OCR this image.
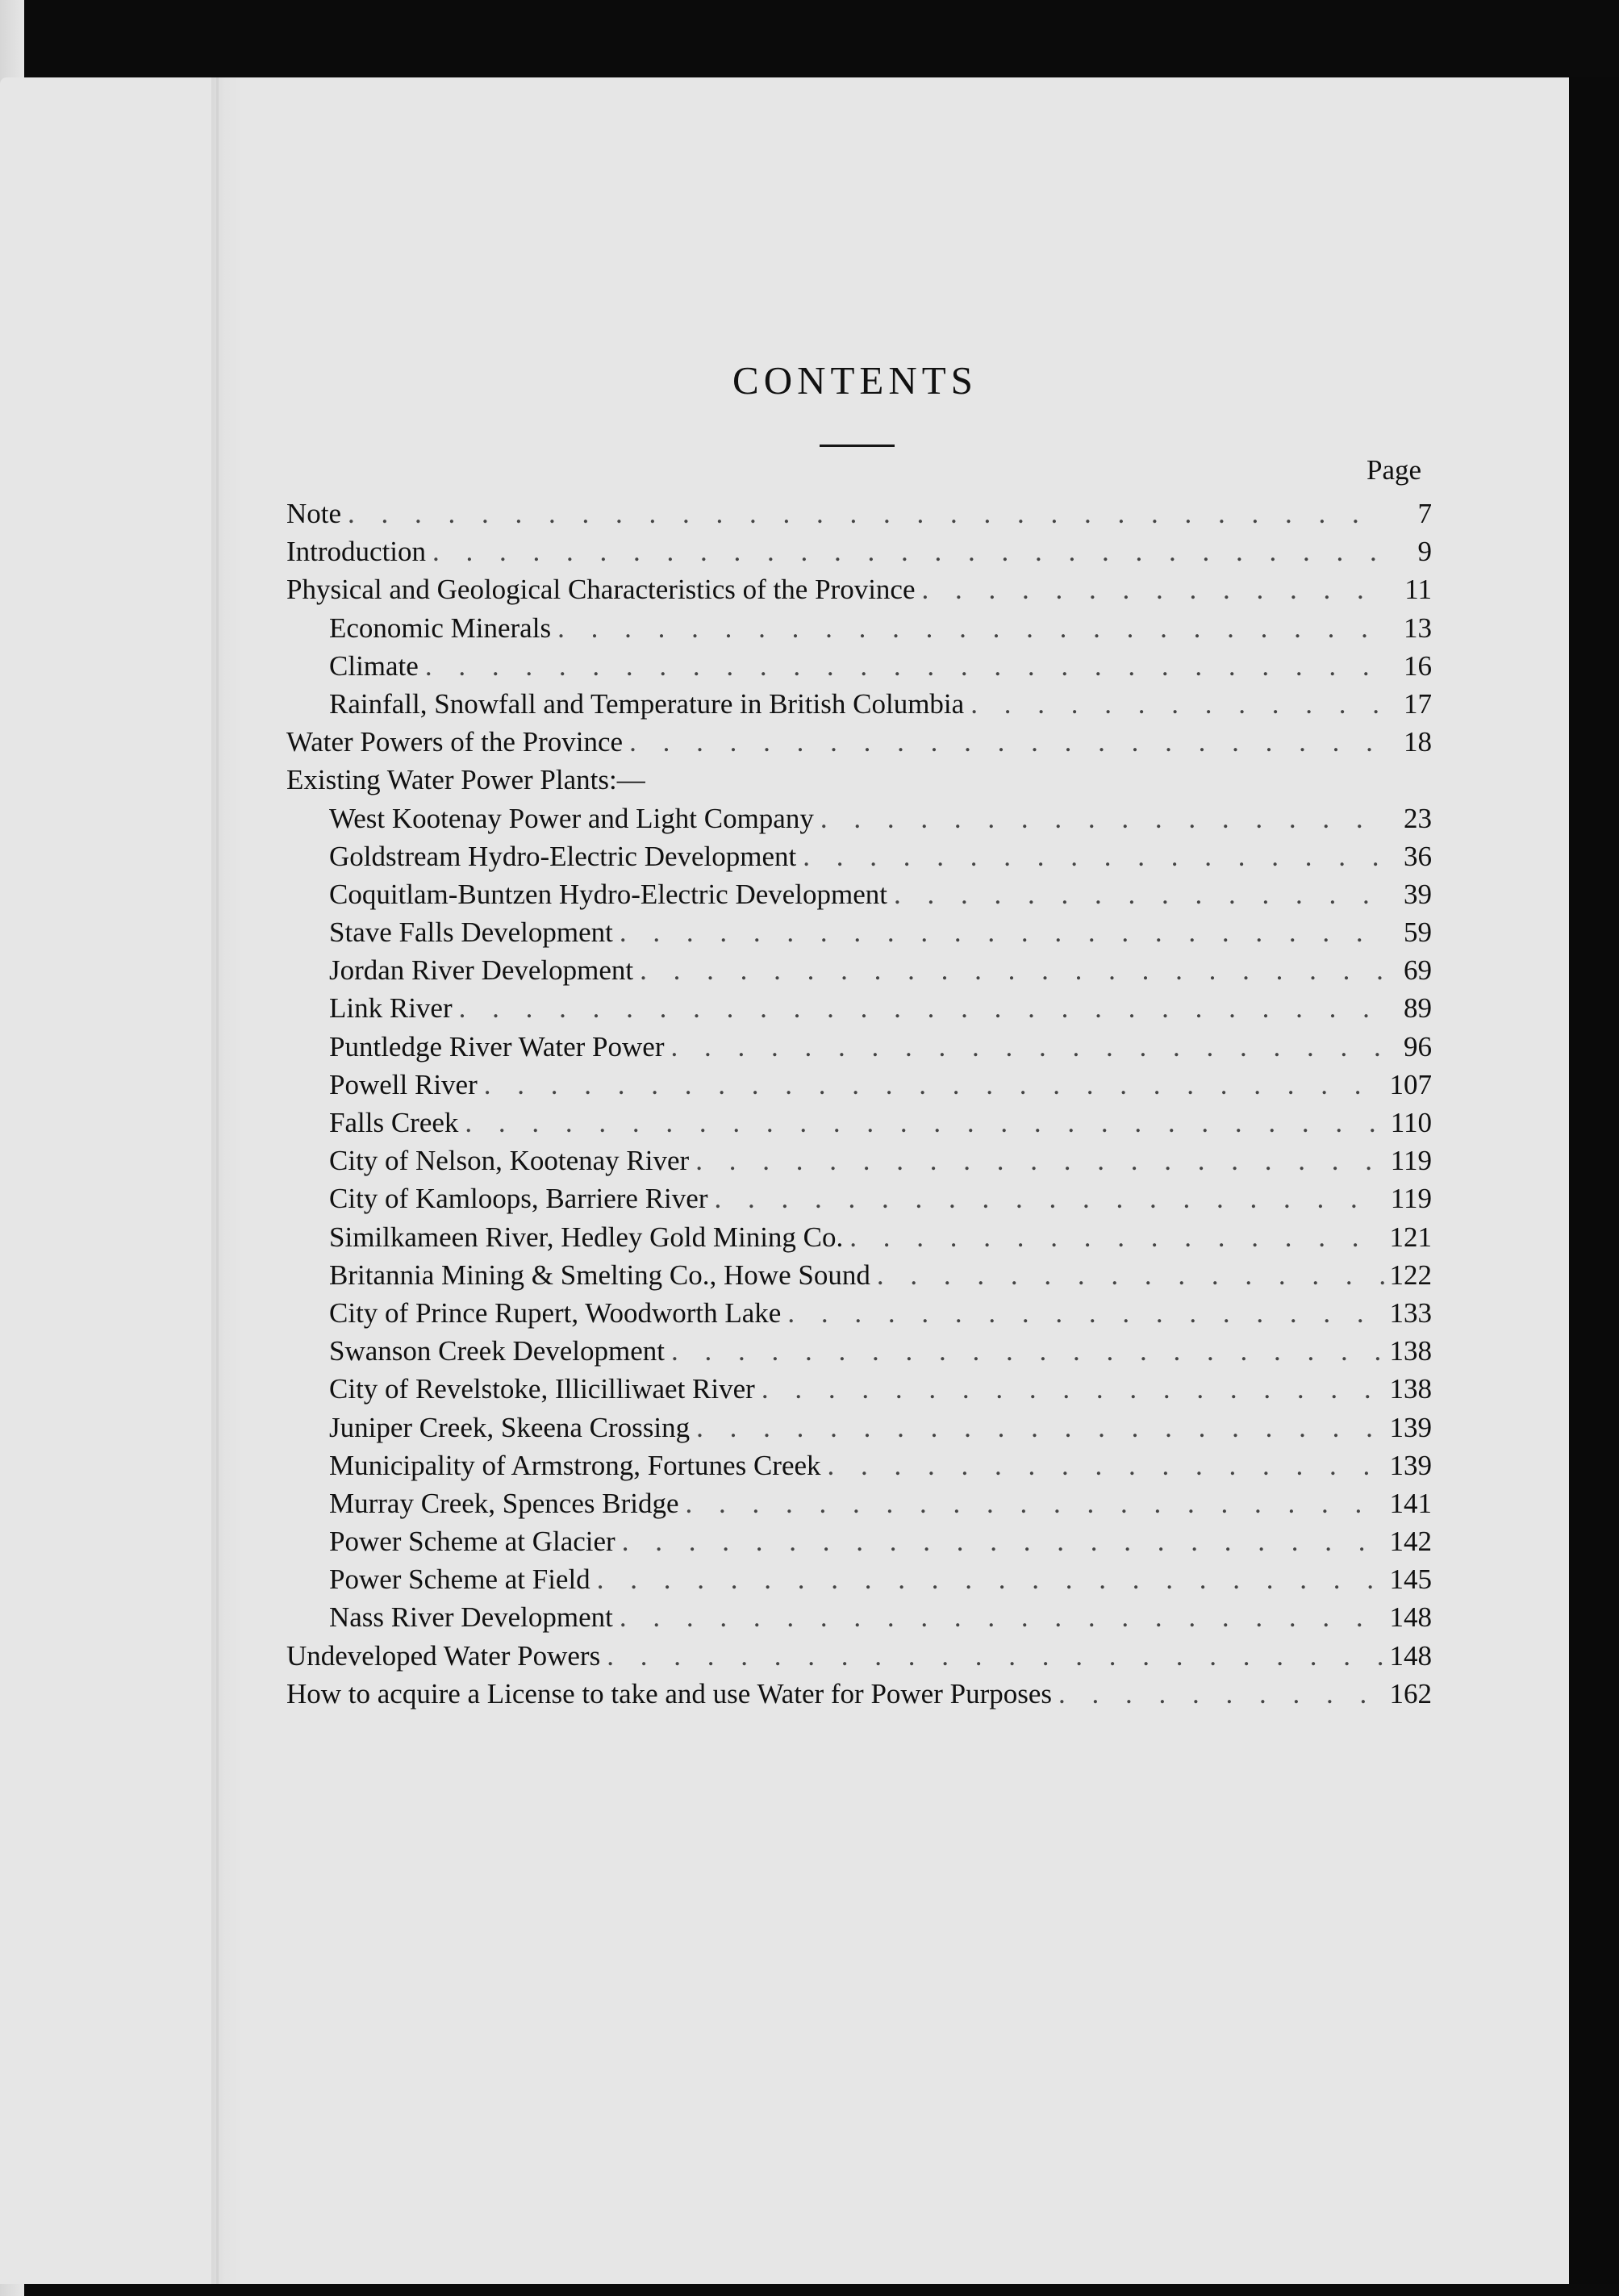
CONTENTS
Page
Note . . .	7
Introduction . . .	9
Physical and Geological Characteristics of the Province . . .	11
Economic Minerals . . .	13
Climate . . .	16
Rainfall, Snowfall and Temperature in British Columbia . . .	17
Water Powers of the Province . . .	18
Existing Water Power Plants:—
West Kootenay Power and Light Company . . .	23
Goldstream Hydro-Electric Development . . .	36
Coquitlam-Buntzen Hydro-Electric Development . . .	39
Stave Falls Development . . .	59
Jordan River Development . . .	69
Link River . . .	89
Puntledge River Water Power . . .	96
Powell River . . .	107
Falls Creek . . .	110
City of Nelson, Kootenay River . . .	119
City of Kamloops, Barriere River . . .	119
Similkameen River, Hedley Gold Mining Co. . . .	121
Britannia Mining & Smelting Co., Howe Sound . . .	122
City of Prince Rupert, Woodworth Lake . . .	133
Swanson Creek Development . . .	138
City of Revelstoke, Illicilliwaet River . . .	138
Juniper Creek, Skeena Crossing . . .	139
Municipality of Armstrong, Fortunes Creek . . .	139
Murray Creek, Spences Bridge . . .	141
Power Scheme at Glacier . . .	142
Power Scheme at Field . . .	145
Nass River Development . . .	148
Undeveloped Water Powers . . .	148
How to acquire a License to take and use Water for Power Purposes . . .	162
